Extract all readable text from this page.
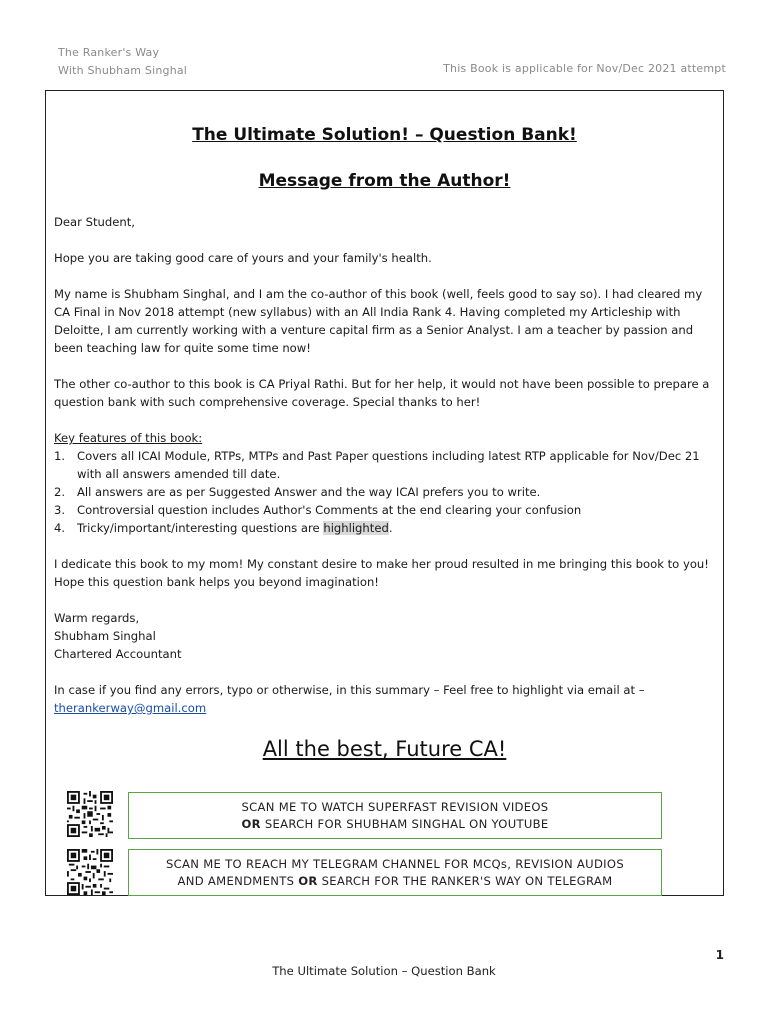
The Ranker's Way
With Shubham Singhal	This Book is applicable for Nov/Dec 2021 attempt
The Ultimate Solution! – Question Bank!
Message from the Author!

Dear Student,

Hope you are taking good care of yours and your family's health.

My name is Shubham Singhal, and I am the co-author of this book (well, feels good to say so). I had cleared my CA Final in Nov 2018 attempt (new syllabus) with an All India Rank 4. Having completed my Articleship with Deloitte, I am currently working with a venture capital firm as a Senior Analyst. I am a teacher by passion and been teaching law for quite some time now!

The other co-author to this book is CA Priyal Rathi. But for her help, it would not have been possible to prepare a question bank with such comprehensive coverage. Special thanks to her!

Key features of this book:
1. Covers all ICAI Module, RTPs, MTPs and Past Paper questions including latest RTP applicable for Nov/Dec 21 with all answers amended till date.
2. All answers are as per Suggested Answer and the way ICAI prefers you to write.
3. Controversial question includes Author's Comments at the end clearing your confusion
4. Tricky/important/interesting questions are highlighted.

I dedicate this book to my mom! My constant desire to make her proud resulted in me bringing this book to you! Hope this question bank helps you beyond imagination!

Warm regards,
Shubham Singhal
Chartered Accountant
In case if you find any errors, typo or otherwise, in this summary – Feel free to highlight via email at –
therankerway@gmail.com
All the best, Future CA!
SCAN ME TO WATCH SUPERFAST REVISION VIDEOS
OR SEARCH FOR SHUBHAM SINGHAL ON YOUTUBE
SCAN ME TO REACH MY TELEGRAM CHANNEL FOR MCQs, REVISION AUDIOS
AND AMENDMENTS OR SEARCH FOR THE RANKER'S WAY ON TELEGRAM
1
The Ultimate Solution – Question Bank
